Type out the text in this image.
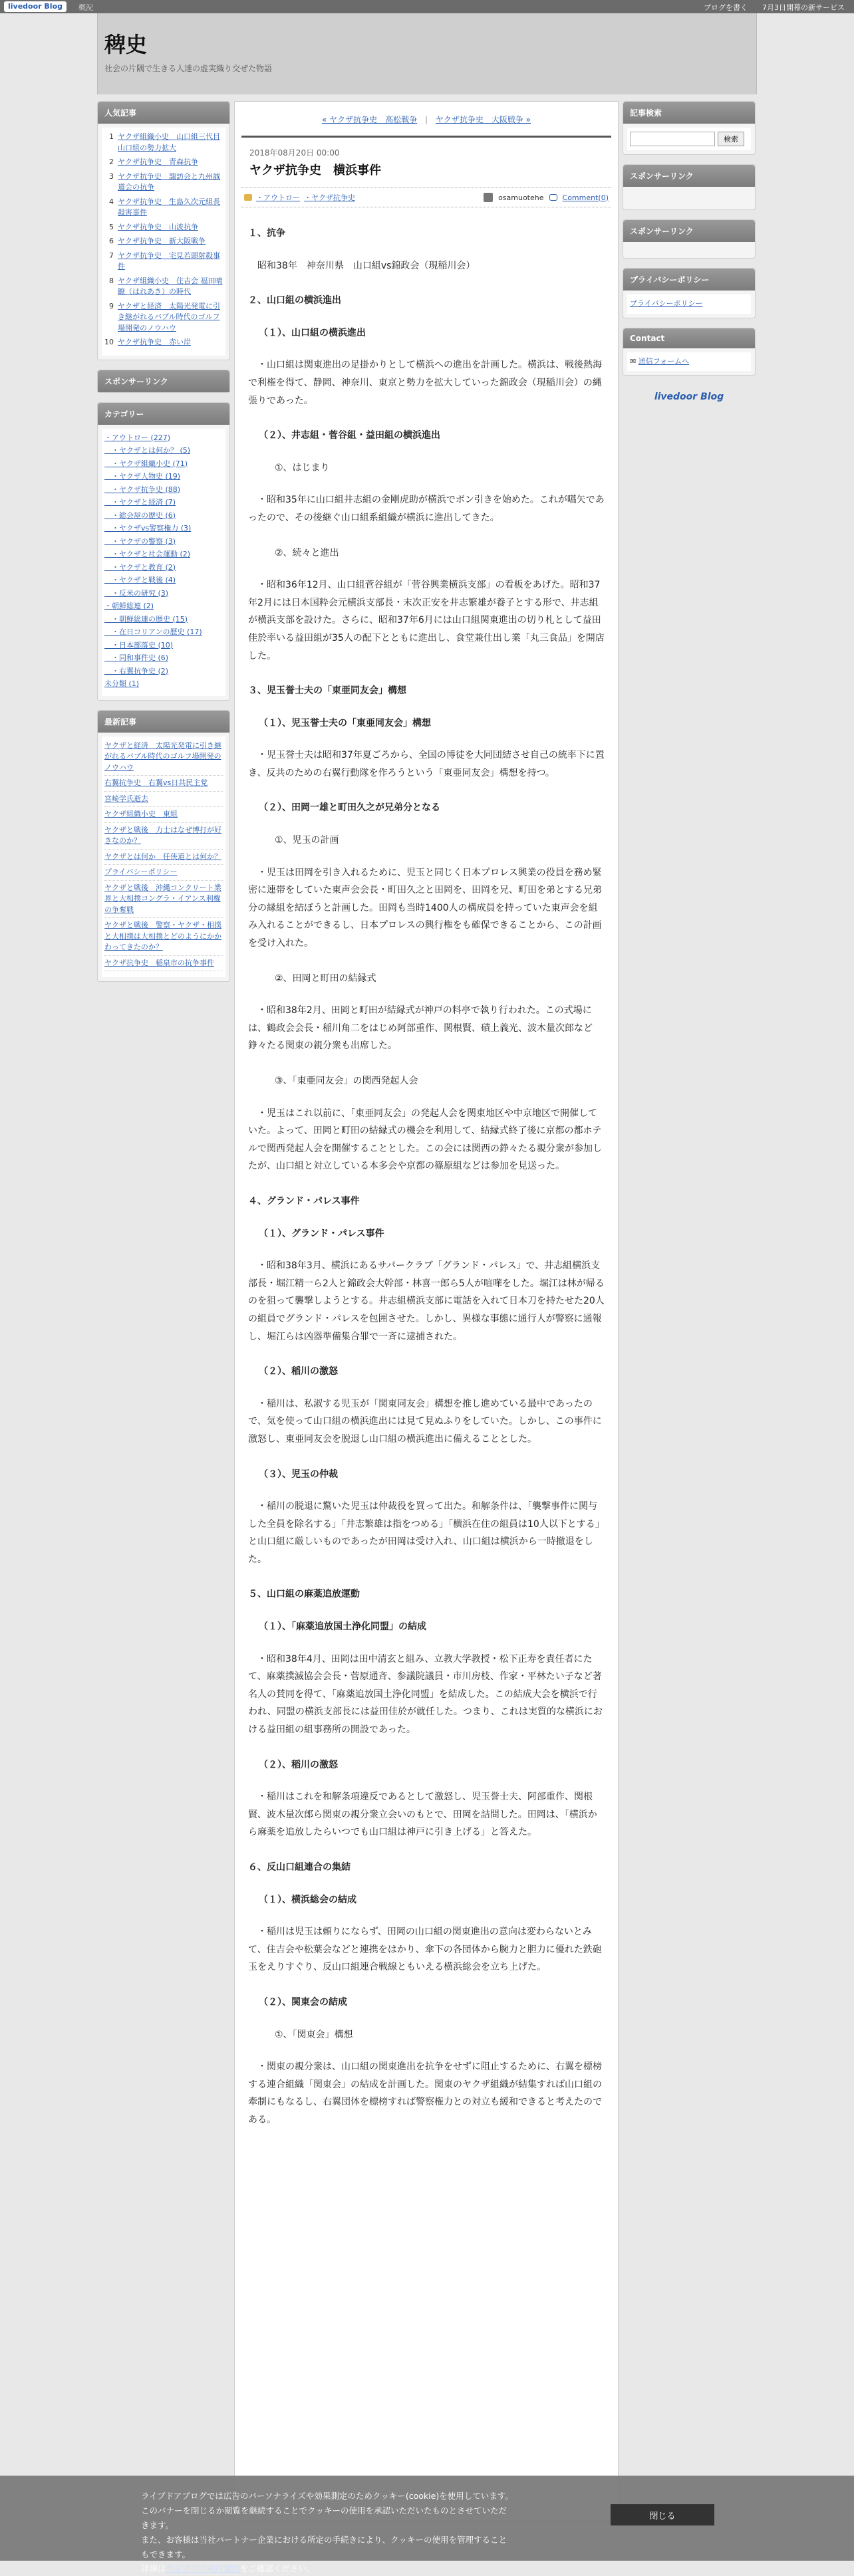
livedoor Blog	概況	ブログを書く 7月3日開幕の新サービス
稗史
社会の片隅で生きる人達の虚実織り交ぜた物語
人気記事
1 ヤクザ組織小史　山口組三代目山口組の勢力拡大
2 ヤクザ抗争史　青森抗争
3 ヤクザ抗争史　諏訪会と九州誠道会の抗争
4 ヤクザ抗争史　生島久次元組長殺害事件
5 ヤクザ抗争史　山波抗争
6 ヤクザ抗争史　新大阪戦争
7 ヤクザ抗争史　宅見若頭射殺事件
8 ヤクザ組織小史　住吉会 福田晴瞭（はれあき）の時代
9 ヤクザと経済　太陽光発電に引き継がれるバブル時代のゴルフ場開発のノウハウ
10 ヤクザ抗争史　赤い岸
スポンサーリンク
カテゴリー
・アウトロー (227)
　・ヤクザとは何か？ (5)
　・ヤクザ組織小史 (71)
　・ヤクザ人物史 (19)
　・ヤクザ抗争史 (88)
　・ヤクザと経済 (7)
　・総会屋の歴史 (6)
　・ヤクザvs警察権力 (3)
　・ヤクザの警察 (3)
　・ヤクザと社会運動 (2)
　・ヤクザと教育 (2)
　・ヤクザと戦後 (4)
　・反米の研究 (3)
・朝鮮総連 (2)
　・朝鮮総連の歴史 (15)
　・在日コリアンの歴史 (17)
　・日本部落史 (10)
　・同和事件史 (6)
　・右翼抗争史 (2)
未分類 (1)
最新記事
ヤクザと経済　太陽光発電に引き継がれるバブル時代のゴルフ場開発のノウハウ
右翼抗争史　右翼vs日共民主党
宮崎学氏逝去
ヤクザ組織小史　東組
ヤクザと戦後　力士はなぜ博打が好きなのか？
ヤクザとは何か　任侠道とは何か？
プライバシーポリシー
ヤクザと戦後　沖縄コンクリート業界と大相撲コングラ・イアンス利権の争奪戦
ヤクザと戦後　警察・ヤクザ・相撲と大相撲は大相撲とどのようにかかわってきたのか？
ヤクザ抗争史　稲泉市の抗争事件
« ヤクザ抗争史　高松戦争 | ヤクザ抗争史　大阪戦争 »
2018年08月20日 00:00
ヤクザ抗争史　横浜事件
・アウトロー ・ヤクザ抗争史	osamuotehe	Comment(0)
１、抗争

　昭和38年　神奈川県　山口組vs錦政会（現稲川会）

２、山口組の横浜進出
（１）、山口組の横浜進出

　・山口組は関東進出の足掛かりとして横浜への進出を計画した。横浜は、戦後熱海で利権を得て、静岡、神奈川、東京と勢力を拡大していった錦政会（現稲川会）の縄張りであった。

（２）、井志組・菅谷組・益田組の横浜進出
①、はじまり

　・昭和35年に山口組井志組の金剛虎助が横浜でボン引きを始めた。これが嚆矢であったので、その後継ぐ山口組系組織が横浜に進出してきた。

②、続々と進出

　・昭和36年12月、山口組菅谷組が「菅谷興業横浜支部」の看板をあげた。昭和37年2月には日本国粋会元横浜支部長・末次正安を井志繁雄が養子とする形で、井志組が横浜支部を設けた。さらに、昭和37年6月には山口組関東進出の切り札として益田佳於率いる益田組が35人の配下とともに進出し、食堂兼仕出し業「丸三食品」を開店した。

３、児玉誉士夫の「東亜同友会」構想
（１）、児玉誉士夫の「東亜同友会」構想

　・児玉誉士夫は昭和37年夏ごろから、全国の博徒を大同団結させ自己の統率下に置き、反共のための右翼行動隊を作ろうという「東亜同友会」構想を持つ。

（２）、田岡一雄と町田久之が兄弟分となる
①、児玉の計画

　・児玉は田岡を引き入れるために、児玉と同じく日本プロレス興業の役員を務め緊密に連帯をしていた東声会会長・町田久之と田岡を、田岡を兄、町田を弟とする兄弟分の縁組を結ぼうと計画した。田岡も当時1400人の構成員を持っていた東声会を組み入れることができるし、日本プロレスの興行権をも確保できることから、この計画を受け入れた。

②、田岡と町田の結縁式

　・昭和38年2月、田岡と町田が結縁式が神戸の料亭で執り行われた。この式場には、鶴政会会長・稲川角二をはじめ阿部重作、関根賢、磧上義光、波木量次郎など錚々たる関東の親分衆も出席した。

③、「東亜同友会」の関西発起人会

　・児玉はこれ以前に、「東亜同友会」の発起人会を関東地区や中京地区で開催していた。よって、田岡と町田の結縁式の機会を利用して、結縁式終了後に京都の都ホテルで関西発起人会を開催することとした。この会には関西の錚々たる親分衆が参加したが、山口組と対立している本多会や京都の篠原組などは参加を見送った。

４、グランド・パレス事件
（１）、グランド・パレス事件

　・昭和38年3月、横浜にあるサパークラブ「グランド・パレス」で、井志組横浜支部長・堀江精一ら2人と錦政会大幹部・林喜一郎ら5人が喧嘩をした。堀江は林が帰るのを狙って襲撃しようとする。井志組横浜支部に電話を入れて日本刀を持たせた20人の組員でグランド・パレスを包囲させた。しかし、異様な事態に通行人が警察に通報し、堀江らは凶器準備集合罪で一斉に逮捕された。

（２）、稲川の激怒

　・稲川は、私淑する児玉が「関東同友会」構想を推し進めている最中であったので、気を使って山口組の横浜進出には見て見ぬふりをしていた。しかし、この事件に激怒し、東亜同友会を脱退し山口組の横浜進出に備えることとした。

（３）、児玉の仲裁

　・稲川の脱退に驚いた児玉は仲裁役を買って出た。和解条件は、「襲撃事件に関与した全員を除名する」「井志繁雄は指をつめる」「横浜在住の組員は10人以下とする」と山口組に厳しいものであったが田岡は受け入れ、山口組は横浜から一時撤退をした。

５、山口組の麻薬追放運動
（１）、「麻薬追放国土浄化同盟」の結成

　・昭和38年4月、田岡は田中清玄と組み、立教大学教授・松下正寿を責任者にたて、麻薬撲滅協会会長・菅原通斉、参議院議員・市川房枝、作家・平林たい子など著名人の賛同を得て、「麻薬追放国土浄化同盟」を結成した。この結成大会を横浜で行われ、同盟の横浜支部長には益田佳於が就任した。つまり、これは実質的な横浜における益田組の組事務所の開設であった。

（２）、稲川の激怒

　・稲川はこれを和解条項違反であるとして激怒し、児玉誉士夫、阿部重作、関根賢、波木量次郎ら関東の親分衆立会いのもとで、田岡を詰問した。田岡は、「横浜から麻薬を追放したらいつでも山口組は神戸に引き上げる」と答えた。

６、反山口組連合の集結
（１）、横浜総会の結成

　・稲川は児玉は頼りにならず、田岡の山口組の関東進出の意向は変わらないとみて、住吉会や松葉会などと連携をはかり、傘下の各団体から腕力と胆力に優れた鉄砲玉をえりすぐり、反山口組連合戦線ともいえる横浜総会を立ち上げた。

（２）、関東会の結成
①、「関東会」構想

　・関東の親分衆は、山口組の関東進出を抗争をせずに阻止するために、右翼を標榜する連合組織「関東会」の結成を計画した。関東のヤクザ組織が結集すれば山口組の牽制にもなるし、右翼団体を標榜すれば警察権力との対立も緩和できると考えたのである。

記事検索
検索
スポンサーリンク
スポンサーリンク
プライバシーポリシー
プライバシーポリシー
Contact
✉ 送信フォームへ
livedoor Blog
ライブドアブログでは広告のパーソナライズや効果測定のためクッキー(cookie)を使用しています。
このバナーを閉じるか閲覧を継続することでクッキーの使用を承認いただいたものとさせていただきます。
また、お客様は当社パートナー企業における所定の手続きにより、クッキーの使用を管理することもできます。
詳細はライブドア利用規約をご確認ください。
閉じる
